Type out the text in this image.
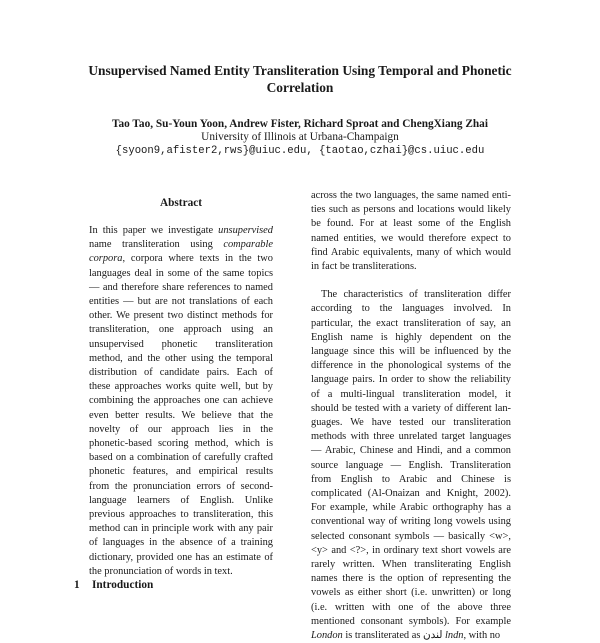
Unsupervised Named Entity Transliteration Using Temporal and Phonetic Correlation
Tao Tao, Su-Youn Yoon, Andrew Fister, Richard Sproat and ChengXiang Zhai
University of Illinois at Urbana-Champaign
{syoon9,afister2,rws}@uiuc.edu, {taotao,czhai}@cs.uiuc.edu
Abstract

In this paper we investigate unsupervised name transliteration using comparable corpora, corpora where texts in the two languages deal in some of the same topics — and therefore share references to named entities — but are not translations of each other. We present two distinct methods for transliteration, one approach using an unsupervised phonetic transliteration method, and the other using the temporal distribution of candidate pairs. Each of these approaches works quite well, but by combining the approaches one can achieve even better results. We believe that the novelty of our approach lies in the phonetic-based scoring method, which is based on a combination of carefully crafted phonetic features, and empirical results from the pronunciation errors of second-language learners of English. Unlike previous approaches to transliteration, this method can in principle work with any pair of languages in the absence of a training dictionary, provided one has an estimate of the pronunciation of words in text.

1 Introduction

across the two languages, the same named entities such as persons and locations would likely be found. For at least some of the English named entities, we would therefore expect to find Arabic equivalents, many of which would in fact be transliterations.

The characteristics of transliteration differ according to the languages involved. In particular, the exact transliteration of say, an English name is highly dependent on the language since this will be influenced by the difference in the phonological systems of the language pairs. In order to show the reliability of a multi-lingual transliteration model, it should be tested with a variety of different languages. We have tested our transliteration methods with three unrelated target languages — Arabic, Chinese and Hindi, and a common source language — English. Transliteration from English to Arabic and Chinese is complicated (Al-Onaizan and Knight, 2002). For example, while Arabic orthography has a conventional way of writing long vowels using selected consonant symbols — basically <w>, <y> and <?>, in ordinary text short vowels are rarely written. When transliterating English names there is the option of representing the vowels as either short (i.e. unwritten) or long (i.e. written with one of the above three mentioned consonant symbols). For example London is transliterated as لندن lndn, with no
